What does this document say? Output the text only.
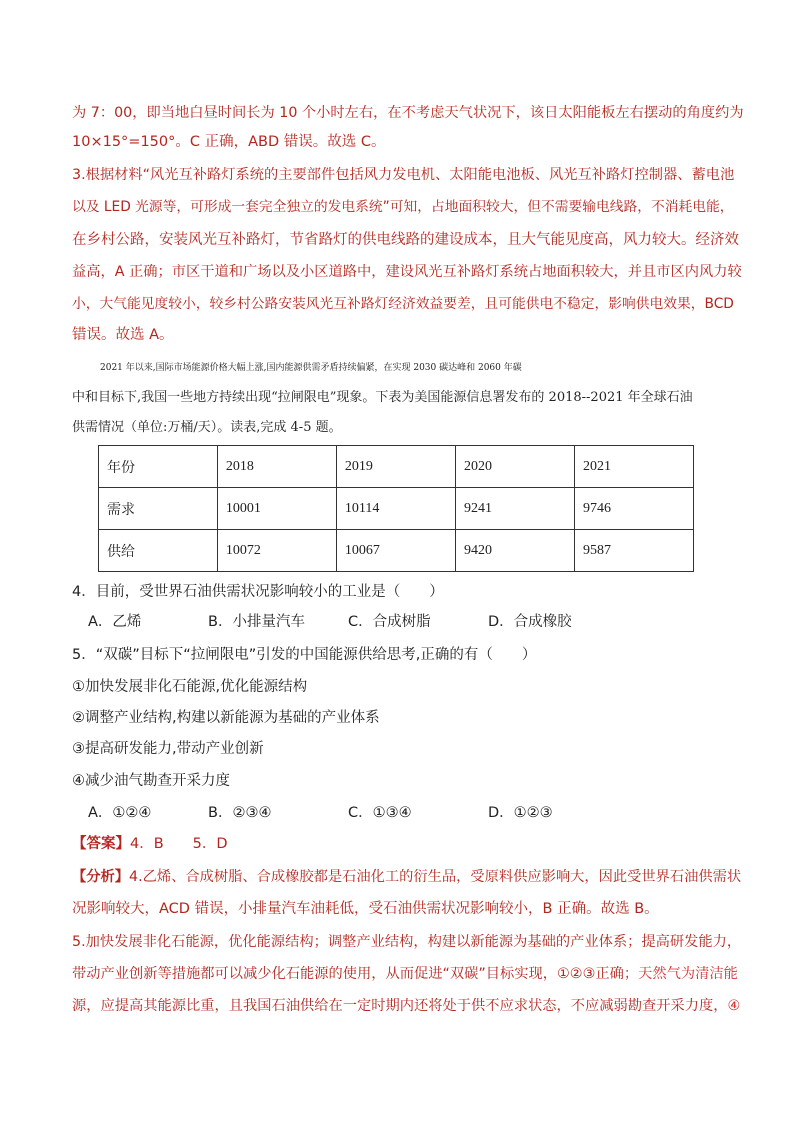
为 7：00，即当地白昼时间长为 10 个小时左右，在不考虑天气状况下，该日太阳能板左右摆动的角度约为
10×15°=150°。C 正确，ABD 错误。故选 C。
3.根据材料“风光互补路灯系统的主要部件包括风力发电机、太阳能电池板、风光互补路灯控制器、蓄电池
以及 LED 光源等，可形成一套完全独立的发电系统”可知，占地面积较大，但不需要输电线路，不消耗电能，
在乡村公路，安装风光互补路灯，节省路灯的供电线路的建设成本，且大气能见度高，风力较大。经济效
益高，A 正确；市区干道和广场以及小区道路中，建设风光互补路灯系统占地面积较大，并且市区内风力较
小，大气能见度较小，较乡村公路安装风光互补路灯经济效益要差，且可能供电不稳定，影响供电效果，BCD
错误。故选 A。
2021 年以来,国际市场能源价格大幅上涨,国内能源供需矛盾持续偏紧，在实现 2030 碳达峰和 2060 年碳
中和目标下,我国一些地方持续出现“拉闸限电”现象。下表为美国能源信息署发布的 2018--2021 年全球石油
供需情况（单位:万桶/天）。读表,完成 4-5 题。
年份	2018	2019	2020	2021
需求	10001	10114	9241	9746
供给	10072	10067	9420	9587
4．目前，受世界石油供需状况影响较小的工业是（　　）
A．乙烯	B．小排量汽车	C．合成树脂	D．合成橡胶
5．“双碳”目标下“拉闸限电”引发的中国能源供给思考,正确的有（　　）
①加快发展非化石能源,优化能源结构
②调整产业结构,构建以新能源为基础的产业体系
③提高研发能力,带动产业创新
④减少油气勘查开采力度
A．①②④	B．②③④	C．①③④	D．①②③
【答案】4．B　　5．D
【分析】4.乙烯、合成树脂、合成橡胶都是石油化工的衍生品，受原料供应影响大，因此受世界石油供需状
况影响较大，ACD 错误，小排量汽车油耗低，受石油供需状况影响较小，B 正确。故选 B。
5.加快发展非化石能源，优化能源结构；调整产业结构，构建以新能源为基础的产业体系；提高研发能力，
带动产业创新等措施都可以减少化石能源的使用，从而促进“双碳”目标实现，①②③正确；天然气为清洁能
源，应提高其能源比重，且我国石油供给在一定时期内还将处于供不应求状态，不应减弱勘查开采力度，④
